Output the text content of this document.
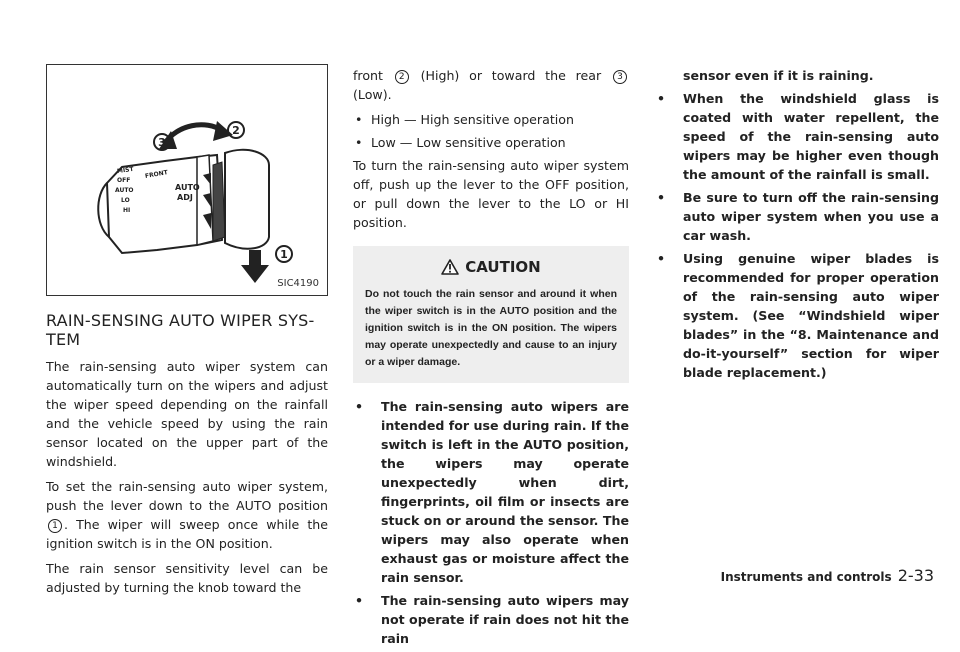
3
2
1
MIST
OFF
AUTO
LO
HI
FRONT
AUTO
ADJ
SIC4190
RAIN-SENSING AUTO WIPER SYS-TEM

The rain-sensing auto wiper system can automatically turn on the wipers and adjust the wiper speed depending on the rainfall and the vehicle speed by using the rain sensor located on the upper part of the windshield.

To set the rain-sensing auto wiper system, push the lever down to the AUTO position 1 . The wiper will sweep once while the ignition switch is in the ON position.

The rain sensor sensitivity level can be adjusted by turning the knob toward the

front 2 (High) or toward the rear 3 (Low).

• High — High sensitive operation
• Low — Low sensitive operation

To turn the rain-sensing auto wiper system off, push up the lever to the OFF position, or pull down the lever to the LO or HI position.

CAUTION
Do not touch the rain sensor and around it when the wiper switch is in the AUTO position and the ignition switch is in the ON position. The wipers may operate unexpectedly and cause to an injury or a wiper damage.
• The rain-sensing auto wipers are intended for use during rain. If the switch is left in the AUTO position, the wipers may operate unexpectedly when dirt, fingerprints, oil film or insects are stuck on or around the sensor. The wipers may also operate when exhaust gas or moisture affect the rain sensor.
• The rain-sensing auto wipers may not operate if rain does not hit the rain

sensor even if it is raining.

• When the windshield glass is coated with water repellent, the speed of the rain-sensing auto wipers may be higher even though the amount of the rainfall is small.
• Be sure to turn off the rain-sensing auto wiper system when you use a car wash.
• Using genuine wiper blades is recommended for proper operation of the rain-sensing auto wiper system. (See “Windshield wiper blades” in the “8. Maintenance and do-it-yourself” section for wiper blade replacement.)
Instruments and controls 2-33
